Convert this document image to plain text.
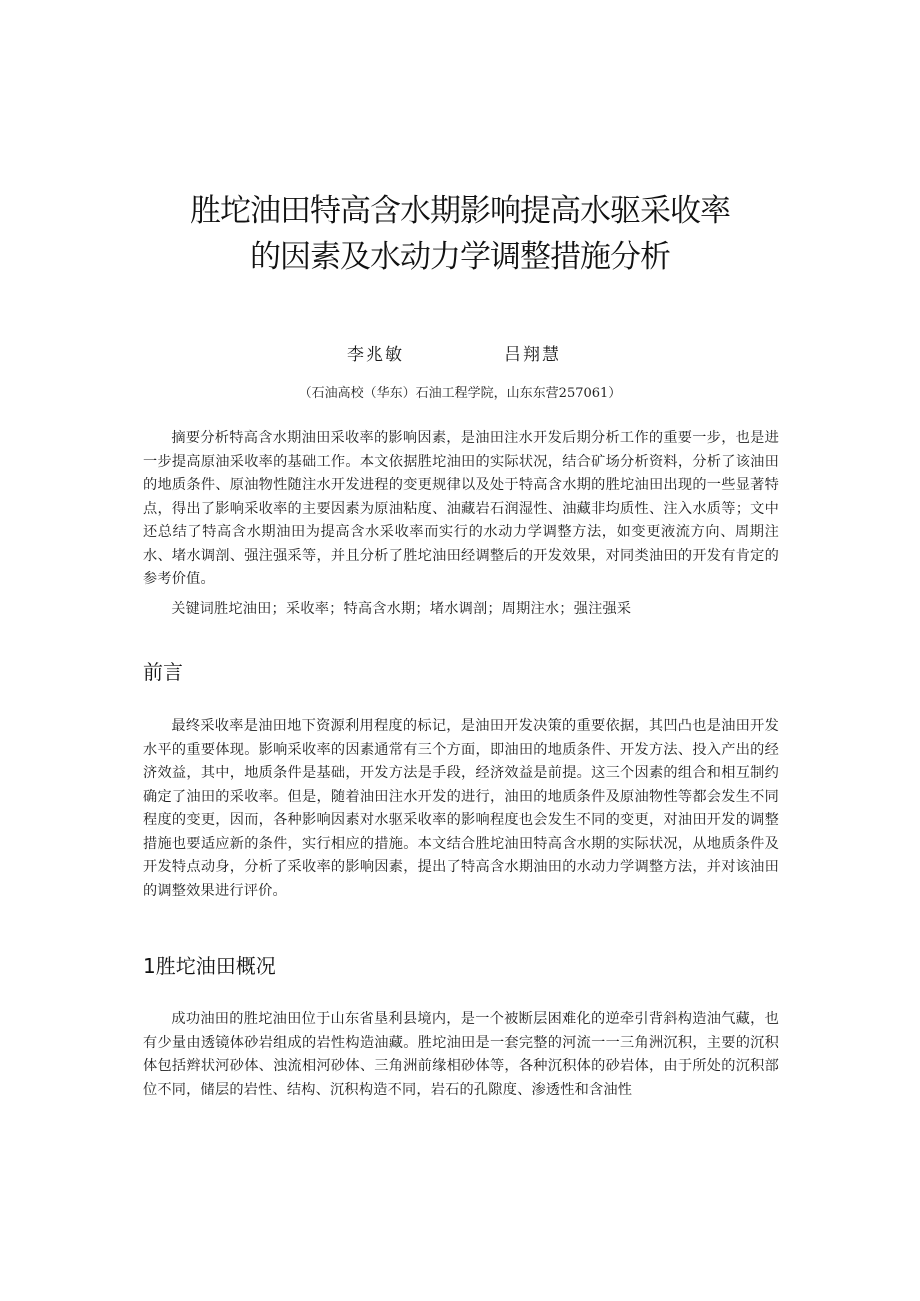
胜坨油田特高含水期影响提高水驱采收率
的因素及水动力学调整措施分析
李兆敏	吕翔慧
（石油高校（华东）石油工程学院，山东东营257061）

摘要分析特高含水期油田采收率的影响因素，是油田注水开发后期分析工作的重要一步，也是进一步提高原油采收率的基础工作。本文依据胜坨油田的实际状况，结合矿场分析资料，分析了该油田的地质条件、原油物性随注水开发进程的变更规律以及处于特高含水期的胜坨油田出现的一些显著特点，得出了影响采收率的主要因素为原油粘度、油藏岩石润湿性、油藏非均质性、注入水质等；文中还总结了特高含水期油田为提高含水采收率而实行的水动力学调整方法，如变更液流方向、周期注水、堵水调剖、强注强采等，并且分析了胜坨油田经调整后的开发效果，对同类油田的开发有肯定的参考价值。

关键词胜坨油田；采收率；特高含水期；堵水调剖；周期注水；强注强采

前言

最终采收率是油田地下资源利用程度的标记，是油田开发决策的重要依据，其凹凸也是油田开发水平的重要体现。影响采收率的因素通常有三个方面，即油田的地质条件、开发方法、投入产出的经济效益，其中，地质条件是基础，开发方法是手段，经济效益是前提。这三个因素的组合和相互制约确定了油田的采收率。但是，随着油田注水开发的进行，油田的地质条件及原油物性等都会发生不同程度的变更，因而，各种影响因素对水驱采收率的影响程度也会发生不同的变更，对油田开发的调整措施也要适应新的条件，实行相应的措施。本文结合胜坨油田特高含水期的实际状况，从地质条件及开发特点动身，分析了采收率的影响因素，提出了特高含水期油田的水动力学调整方法，并对该油田的调整效果进行评价。

1胜坨油田概况

成功油田的胜坨油田位于山东省垦利县境内，是一个被断层困难化的逆牵引背斜构造油气藏，也有少量由透镜体砂岩组成的岩性构造油藏。胜坨油田是一套完整的河流一一三角洲沉积，主要的沉积体包括辫状河砂体、浊流相河砂体、三角洲前缘相砂体等，各种沉积体的砂岩体，由于所处的沉积部位不同，储层的岩性、结构、沉积构造不同，岩石的孔隙度、渗透性和含油性
